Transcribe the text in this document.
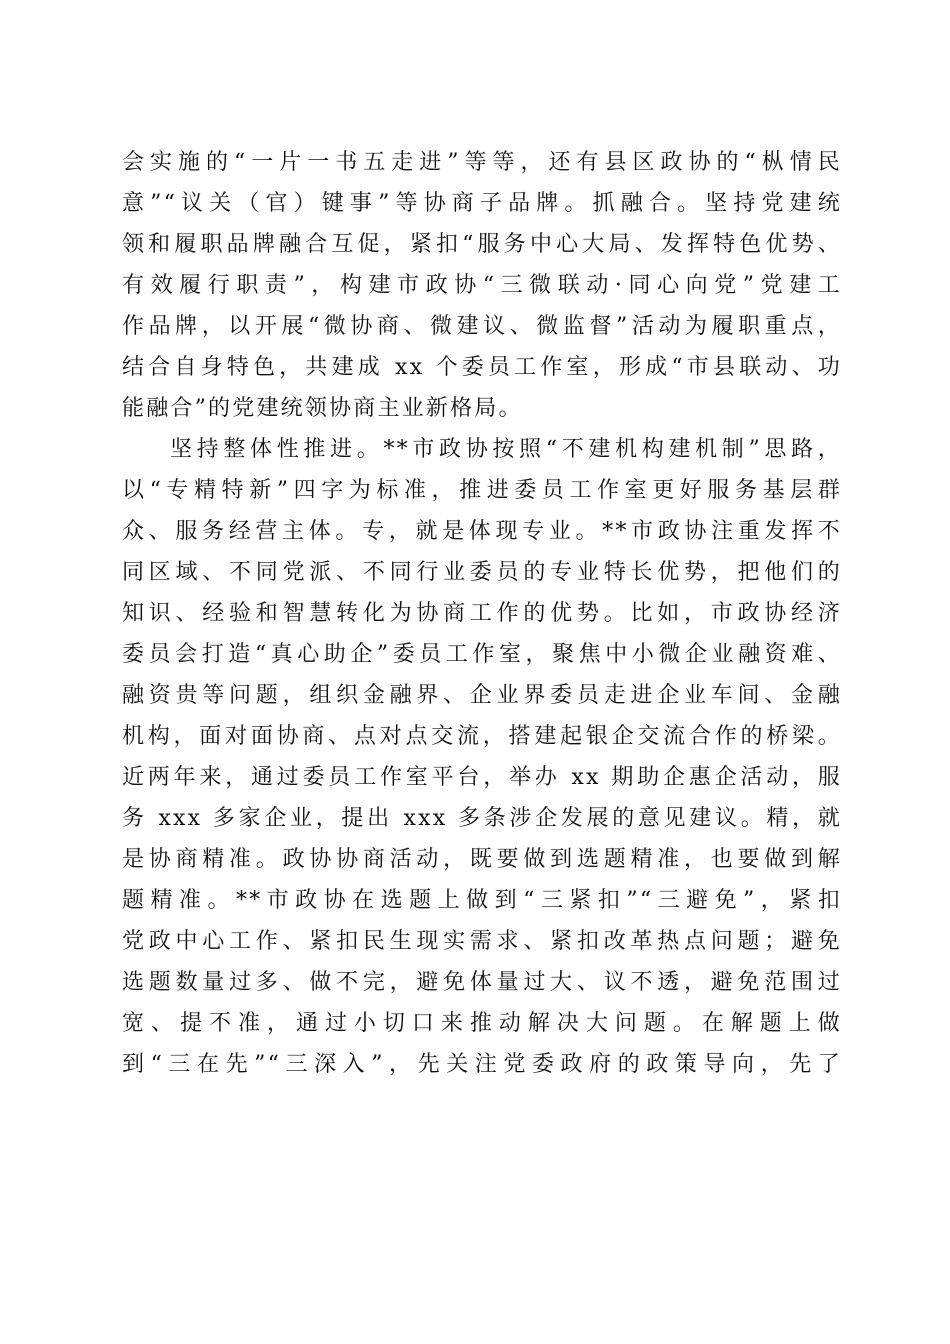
会实施的“一片一书五走进”等等，还有县区政协的“枞情民
意”“议关（官）键事”等协商子品牌。抓融合。坚持党建统
领和履职品牌融合互促，紧扣“服务中心大局、发挥特色优势、
有效履行职责”，构建市政协“三微联动·同心向党”党建工
作品牌，以开展“微协商、微建议、微监督”活动为履职重点，
结合自身特色，共建成 xx 个委员工作室，形成“市县联动、功
能融合”的党建统领协商主业新格局。
坚持整体性推进。**市政协按照“不建机构建机制”思路，
以“专精特新”四字为标准，推进委员工作室更好服务基层群
众、服务经营主体。专，就是体现专业。**市政协注重发挥不
同区域、不同党派、不同行业委员的专业特长优势，把他们的
知识、经验和智慧转化为协商工作的优势。比如，市政协经济
委员会打造“真心助企”委员工作室，聚焦中小微企业融资难、
融资贵等问题，组织金融界、企业界委员走进企业车间、金融
机构，面对面协商、点对点交流，搭建起银企交流合作的桥梁。
近两年来，通过委员工作室平台，举办 xx 期助企惠企活动，服
务 xxx 多家企业，提出 xxx 多条涉企发展的意见建议。精，就
是协商精准。政协协商活动，既要做到选题精准，也要做到解
题精准。**市政协在选题上做到“三紧扣”“三避免”，紧扣
党政中心工作、紧扣民生现实需求、紧扣改革热点问题；避免
选题数量过多、做不完，避免体量过大、议不透，避免范围过
宽、提不准，通过小切口来推动解决大问题。在解题上做
到“三在先”“三深入”，先关注党委政府的政策导向，先了
